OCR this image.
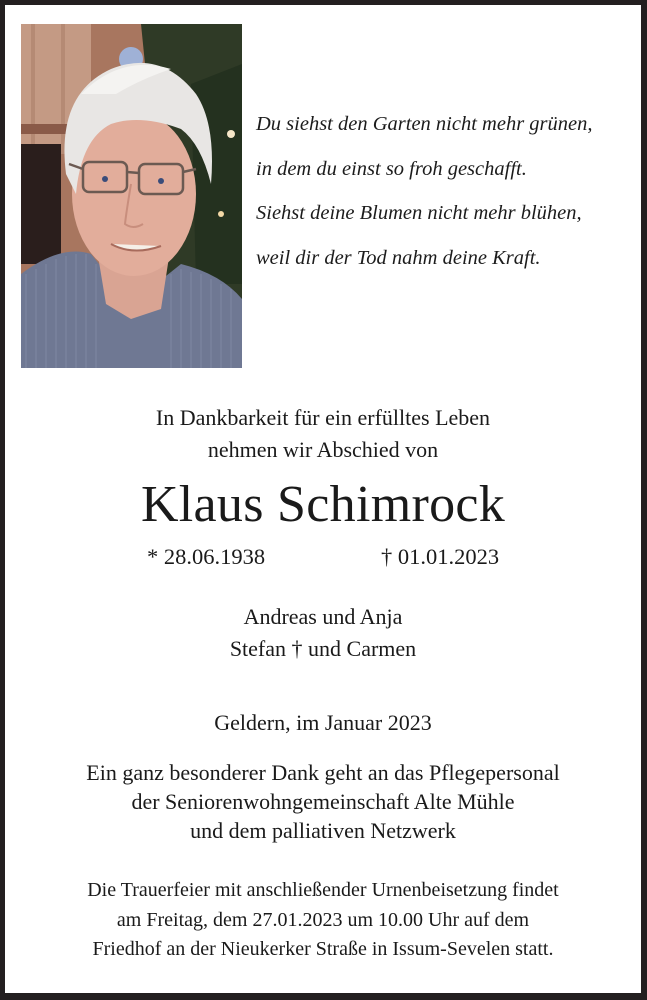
Du siehst den Garten nicht mehr grünen,
in dem du einst so froh geschafft.
Siehst deine Blumen nicht mehr blühen,
weil dir der Tod nahm deine Kraft.
In Dankbarkeit für ein erfülltes Leben
nehmen wir Abschied von
Klaus Schimrock
* 28.06.1938	† 01.01.2023
Andreas und Anja
Stefan † und Carmen
Geldern, im Januar 2023
Ein ganz besonderer Dank geht an das Pflegepersonal
der Seniorenwohngemeinschaft Alte Mühle
und dem palliativen Netzwerk
Die Trauerfeier mit anschließender Urnenbeisetzung findet
am Freitag, dem 27.01.2023 um 10.00 Uhr auf dem
Friedhof an der Nieukerker Straße in Issum-Sevelen statt.
